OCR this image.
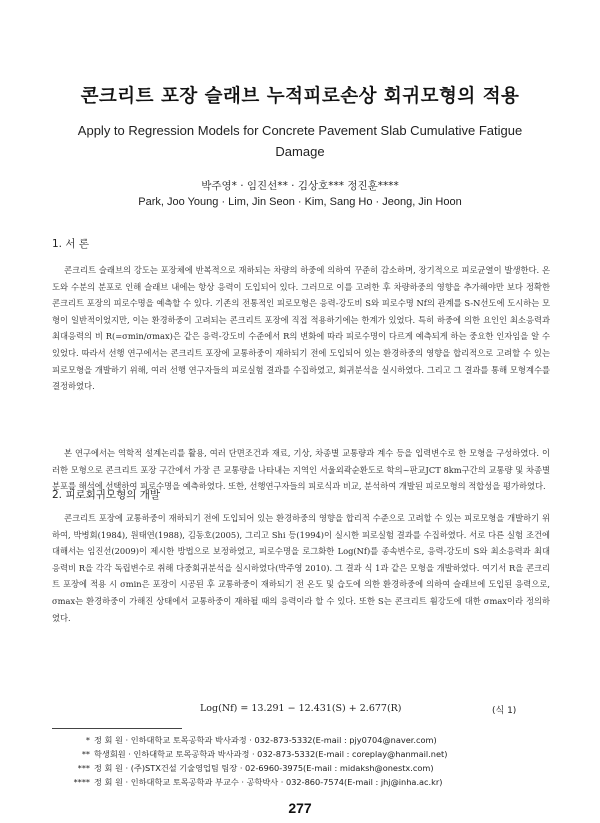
콘크리트 포장 슬래브 누적피로손상 회귀모형의 적용
Apply to Regression Models for Concrete Pavement Slab Cumulative Fatigue Damage
박주영* · 임진선** · 김상호*** 정진훈****
Park, Joo Young · Lim, Jin Seon · Kim, Sang Ho · Jeong, Jin Hoon
1. 서 론

콘크리트 슬래브의 강도는 포장체에 반복적으로 재하되는 차량의 하중에 의하여 꾸준히 감소하며, 장기적으로 피로균열이 발생한다. 온도와 수분의 분포로 인해 슬래브 내에는 항상 응력이 도입되어 있다. 그러므로 이를 고려한 후 차량하중의 영향을 추가해야만 보다 정확한 콘크리트 포장의 피로수명을 예측할 수 있다. 기존의 전통적인 피로모형은 응력-강도비 S와 피로수명 Nf의 관계를 S-N선도에 도시하는 모형이 일반적이었지만, 이는 환경하중이 고려되는 콘크리트 포장에 직접 적용하기에는 한계가 있었다. 특히 하중에 의한 요인인 최소응력과 최대응력의 비 R(=σmin/σmax)은 같은 응력-강도비 수준에서 R의 변화에 따라 피로수명이 다르게 예측되게 하는 중요한 인자임을 알 수 있었다. 따라서 선행 연구에서는 콘크리트 포장에 교통하중이 재하되기 전에 도입되어 있는 환경하중의 영향을 합리적으로 고려할 수 있는 피로모형을 개발하기 위해, 여러 선행 연구자들의 피로실험 결과를 수집하였고, 회귀분석을 실시하였다. 그리고 그 결과를 통해 모형계수를 결정하였다.

본 연구에서는 역학적 설계논리를 활용, 여러 단면조건과 재료, 기상, 차종별 교통량과 계수 등을 입력변수로 한 모형을 구성하였다. 이러한 모형으로 콘크리트 포장 구간에서 가장 큰 교통량을 나타내는 지역인 서울외곽순환도로 학의~판교JCT 8km구간의 교통량 및 차종별 분포를 해석에 선택하여 피로수명을 예측하였다. 또한, 선행연구자들의 피로식과 비교, 분석하여 개발된 피로모형의 적합성을 평가하였다.

2. 피로회귀모형의 개발

콘크리트 포장에 교통하중이 재하되기 전에 도입되어 있는 환경하중의 영향을 합리적 수준으로 고려할 수 있는 피로모형을 개발하기 위하여, 박병회(1984), 원태연(1988), 김동호(2005), 그리고 Shi 등(1994)이 실시한 피로실험 결과를 수집하였다. 서로 다른 실험 조건에 대해서는 임진선(2009)이 제시한 방법으로 보정하였고, 피로수명을 로그화한 Log(Nf)를 종속변수로, 응력-강도비 S와 최소응력과 최대응력비 R을 각각 독립변수로 취해 다중회귀분석을 실시하였다(박주영 2010). 그 결과 식 1과 같은 모형을 개발하였다. 여기서 R을 콘크리트 포장에 적용 시 σmin은 포장이 시공된 후 교통하중이 재하되기 전 온도 및 습도에 의한 환경하중에 의하여 슬래브에 도입된 응력으로, σmax는 환경하중이 가해진 상태에서 교통하중이 재하될 때의 응력이라 할 수 있다. 또한 S는 콘크리트 휨강도에 대한 σmax이라 정의하였다.

Log(Nf) = 13.291 − 12.431(S) + 2.677(R)	(식 1)
* 정 회 원 · 인하대학교 토목공학과 박사과정 · 032-873-5332(E-mail : pjy0704@naver.com)
** 학생회원 · 인하대학교 토목공학과 박사과정 · 032-873-5332(E-mail : coreplay@hanmail.net)
*** 정 회 원 · (주)STX건설 기술영업팀 팀장 · 02-6960-3975(E-mail : midaksh@onestx.com)
**** 정 회 원 · 인하대학교 토목공학과 부교수 · 공학박사 · 032-860-7574(E-mail : jhj@inha.ac.kr)
277
